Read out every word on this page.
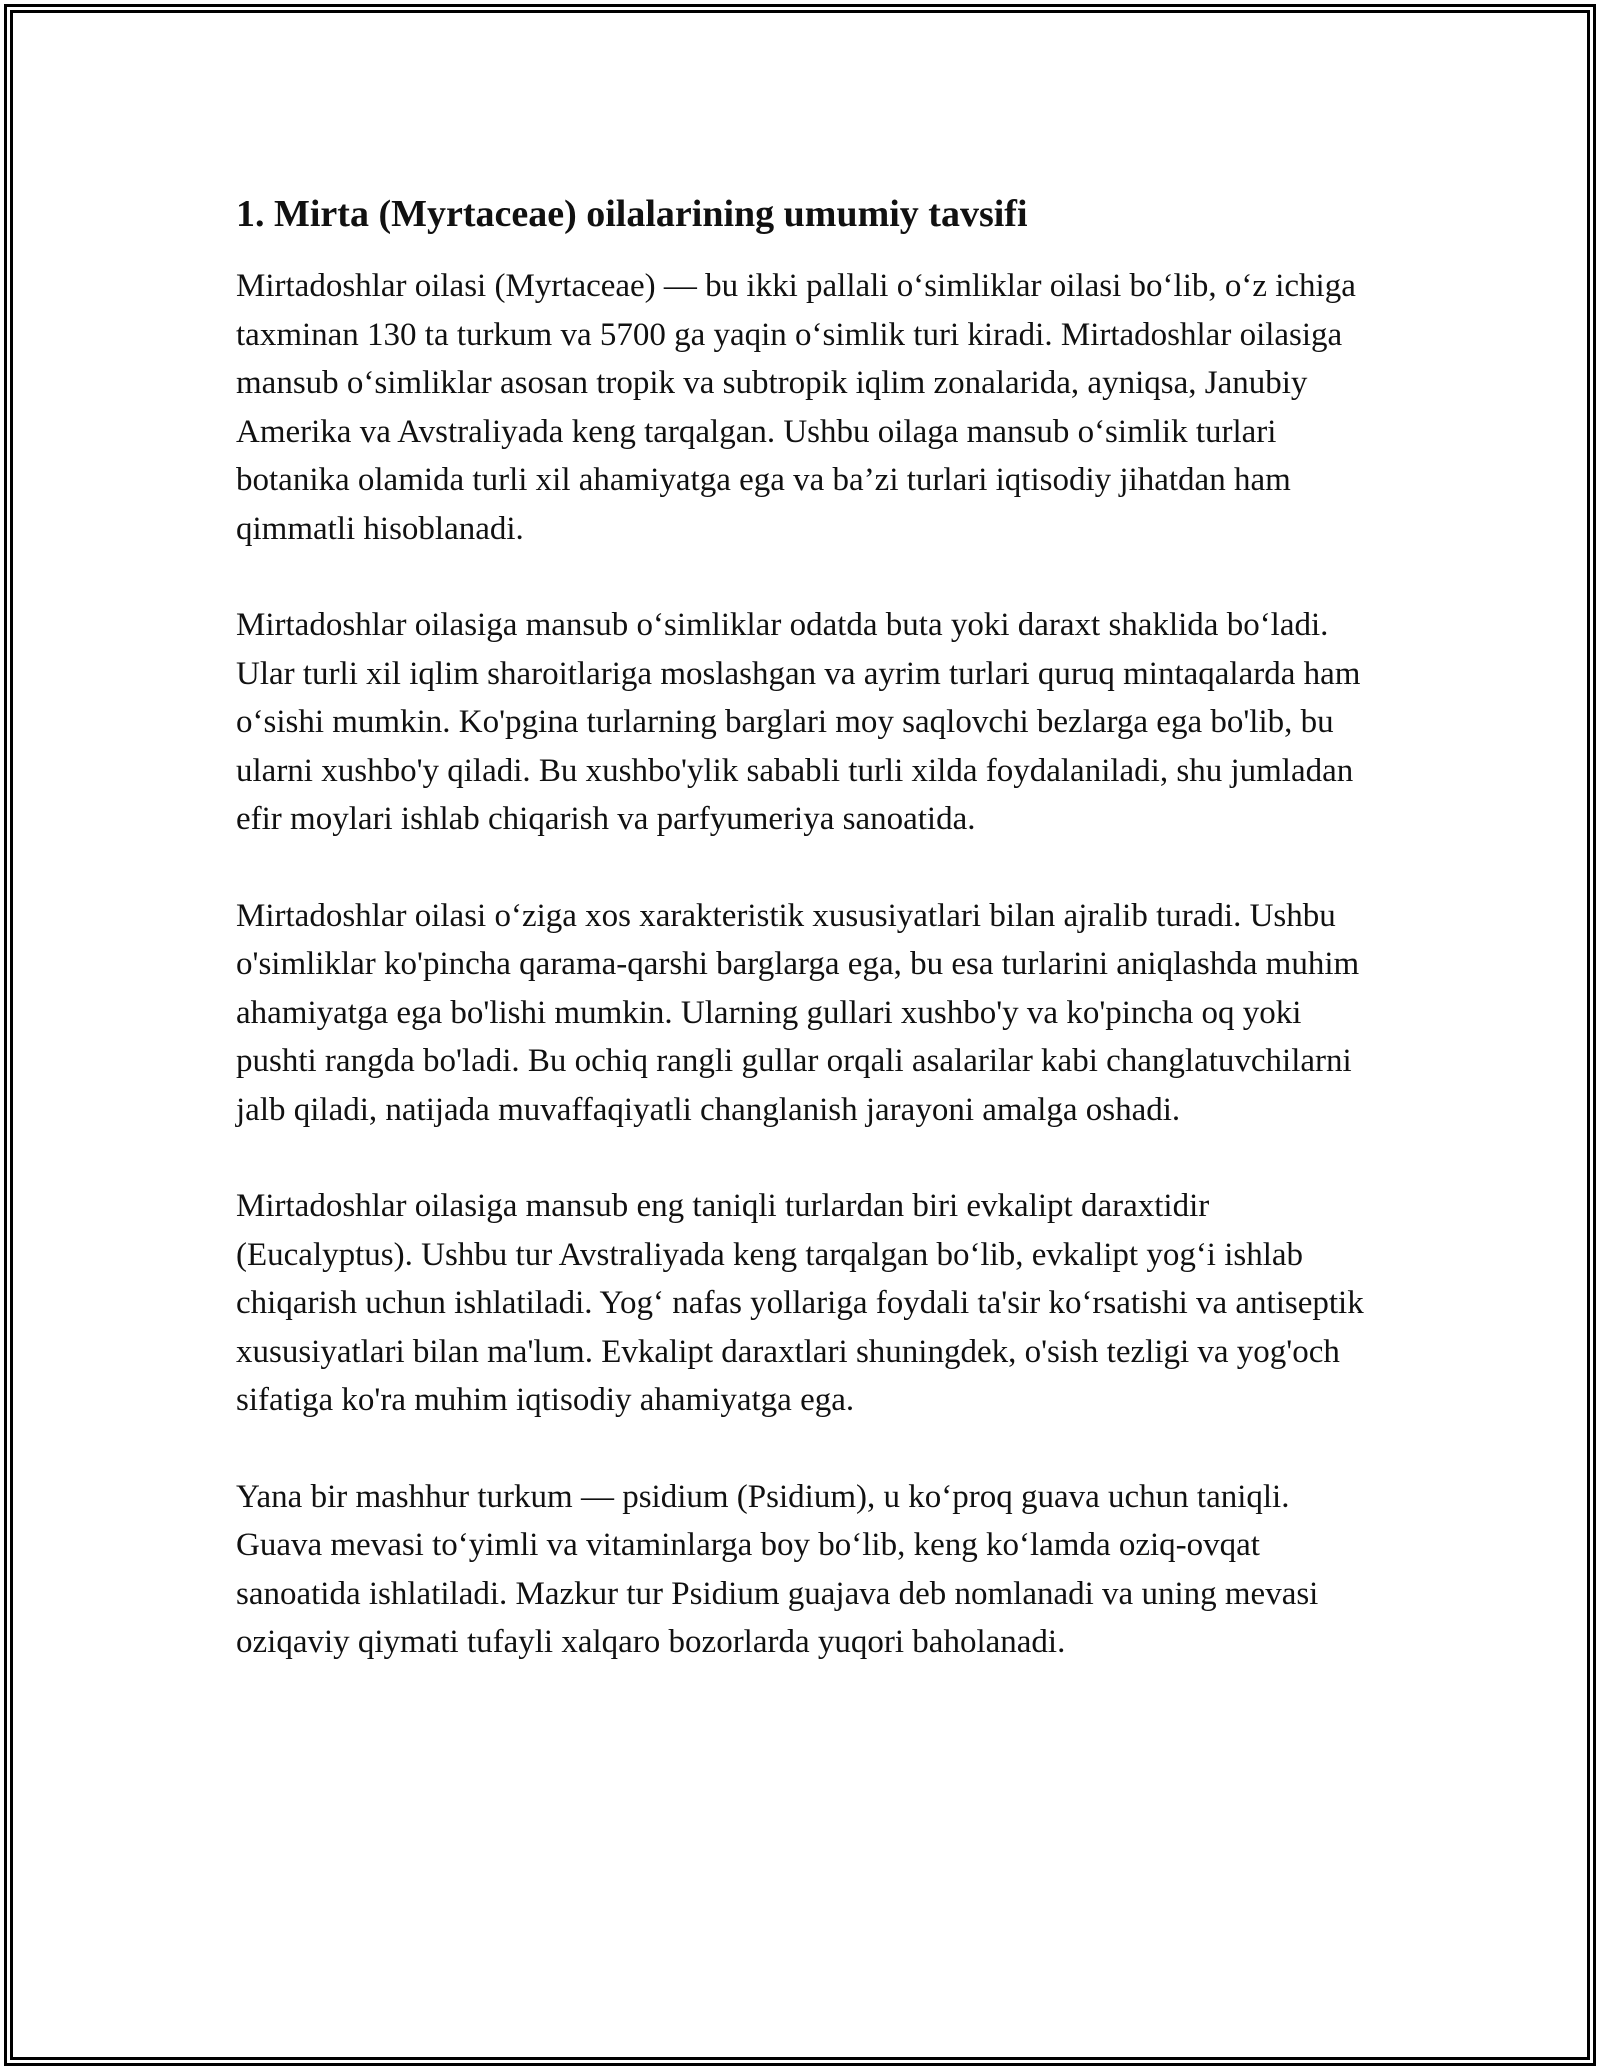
1. Mirta (Myrtaceae) oilalarining umumiy tavsifi

Mirtadoshlar oilasi (Myrtaceae) — bu ikki pallali o‘simliklar oilasi bo‘lib, o‘z ichiga taxminan 130 ta turkum va 5700 ga yaqin o‘simlik turi kiradi. Mirtadoshlar oilasiga mansub o‘simliklar asosan tropik va subtropik iqlim zonalarida, ayniqsa, Janubiy Amerika va Avstraliyada keng tarqalgan. Ushbu oilaga mansub o‘simlik turlari botanika olamida turli xil ahamiyatga ega va ba’zi turlari iqtisodiy jihatdan ham qimmatli hisoblanadi.

Mirtadoshlar oilasiga mansub o‘simliklar odatda buta yoki daraxt shaklida bo‘ladi. Ular turli xil iqlim sharoitlariga moslashgan va ayrim turlari quruq mintaqalarda ham o‘sishi mumkin. Ko'pgina turlarning barglari moy saqlovchi bezlarga ega bo'lib, bu ularni xushbo'y qiladi. Bu xushbo'ylik sababli turli xilda foydalaniladi, shu jumladan efir moylari ishlab chiqarish va parfyumeriya sanoatida.

Mirtadoshlar oilasi o‘ziga xos xarakteristik xususiyatlari bilan ajralib turadi. Ushbu o'simliklar ko'pincha qarama-qarshi barglarga ega, bu esa turlarini aniqlashda muhim ahamiyatga ega bo'lishi mumkin. Ularning gullari xushbo'y va ko'pincha oq yoki pushti rangda bo'ladi. Bu ochiq rangli gullar orqali asalarilar kabi changlatuvchilarni jalb qiladi, natijada muvaffaqiyatli changlanish jarayoni amalga oshadi.

Mirtadoshlar oilasiga mansub eng taniqli turlardan biri evkalipt daraxtidir (Eucalyptus). Ushbu tur Avstraliyada keng tarqalgan bo‘lib, evkalipt yog‘i ishlab chiqarish uchun ishlatiladi. Yog‘ nafas yollariga foydali ta'sir ko‘rsatishi va antiseptik xususiyatlari bilan ma'lum. Evkalipt daraxtlari shuningdek, o'sish tezligi va yog'och sifatiga ko'ra muhim iqtisodiy ahamiyatga ega.

Yana bir mashhur turkum — psidium (Psidium), u ko‘proq guava uchun taniqli. Guava mevasi to‘yimli va vitaminlarga boy bo‘lib, keng ko‘lamda oziq-ovqat sanoatida ishlatiladi. Mazkur tur Psidium guajava deb nomlanadi va uning mevasi oziqaviy qiymati tufayli xalqaro bozorlarda yuqori baholanadi.
